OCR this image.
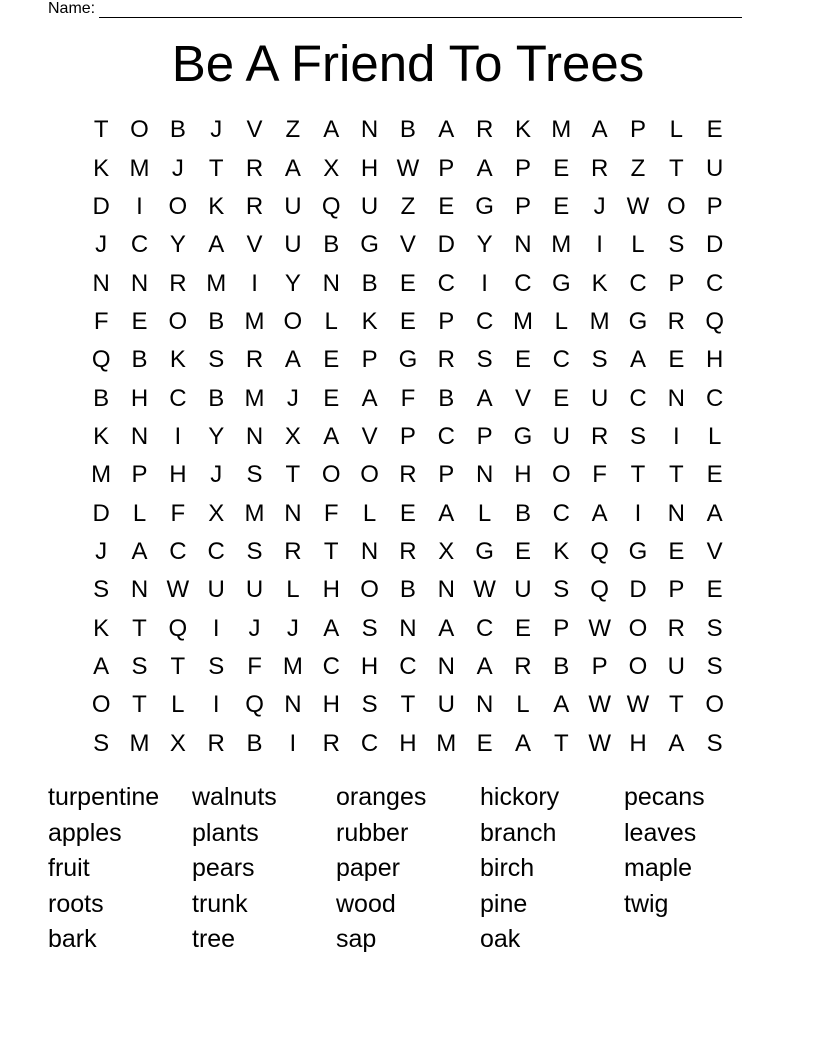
Name:
Be A Friend To Trees
T O B	J	V Z A N B A R K M A P L E
K M J	T R A X H W P A P E R Z T U
D	I	O K R U Q U Z E G P E	J W O P
J C Y A V U B G V D Y N M	I	L S D
N N R M	I	Y N B E C	I	C G K C P C
F E O B M O L K E P C M L M G R Q
Q B K S R A E P G R S E C S A E H
B H C B M J	E A F B A V E U C N C
K N	I	Y N X A V P C P G U R S	I	L
M P H J	S T O O R P N H O F T T E
D L	F X M N F	L E A L B C A	I	N A
J	A C C S R T N R X G E K Q G E V
S N W U U L H O B N W U S Q D P E
K T Q	I	J	J	A S N A C E P W O R S
A S T S F M C H C N A R B P O U S
O T	L	I	Q N H S T U N L A W W T O
S M X R B	I	R C H M E A T W H A S
turpentine	walnuts	oranges	hickory	pecans
apples	plants	rubber	branch	leaves
fruit	pears	paper	birch	maple
roots	trunk	wood	pine	twig
bark	tree	sap	oak
